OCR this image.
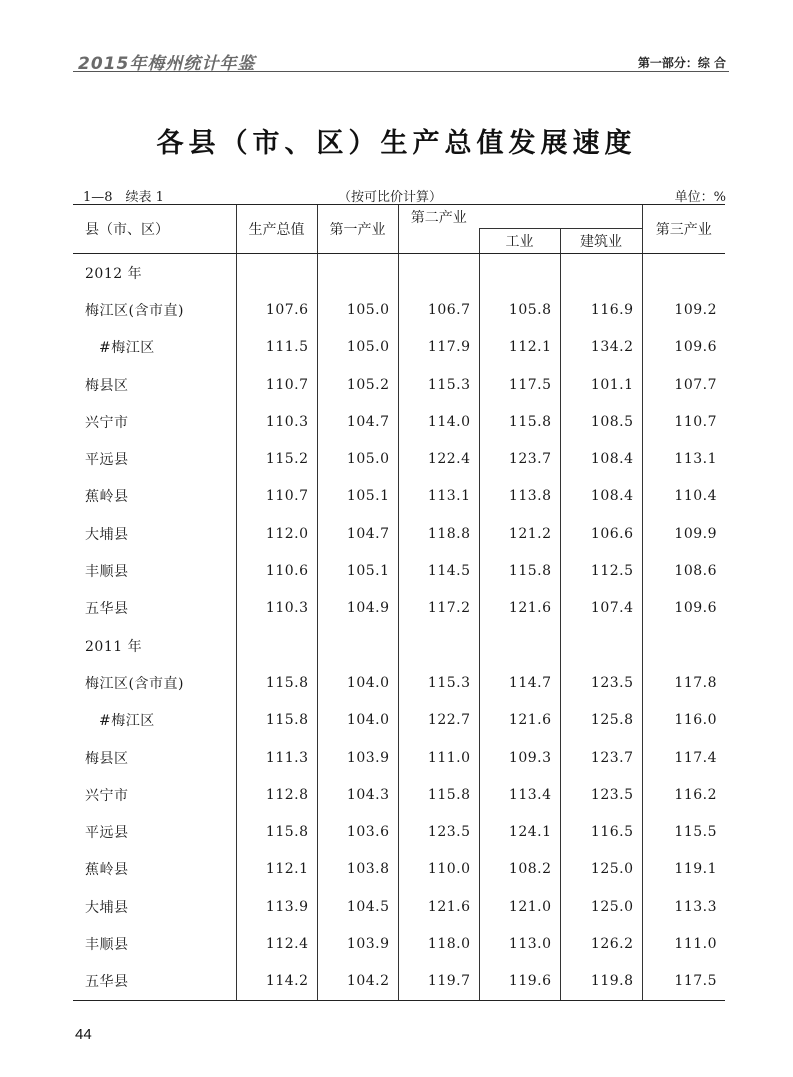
2015年梅州统计年鉴	第一部分：综 合
各县（市、区）生产总值发展速度
1—8　续表 1	（按可比价计算）	单位：%
县（市、区）	生产总值	第一产业	第二产业			第三产业
				工业	建筑业	
2012 年						
梅江区(含市直)	107.6	105.0	106.7	105.8	116.9	109.2
#梅江区	111.5	105.0	117.9	112.1	134.2	109.6
梅县区	110.7	105.2	115.3	117.5	101.1	107.7
兴宁市	110.3	104.7	114.0	115.8	108.5	110.7
平远县	115.2	105.0	122.4	123.7	108.4	113.1
蕉岭县	110.7	105.1	113.1	113.8	108.4	110.4
大埔县	112.0	104.7	118.8	121.2	106.6	109.9
丰顺县	110.6	105.1	114.5	115.8	112.5	108.6
五华县	110.3	104.9	117.2	121.6	107.4	109.6
2011 年						
梅江区(含市直)	115.8	104.0	115.3	114.7	123.5	117.8
#梅江区	115.8	104.0	122.7	121.6	125.8	116.0
梅县区	111.3	103.9	111.0	109.3	123.7	117.4
兴宁市	112.8	104.3	115.8	113.4	123.5	116.2
平远县	115.8	103.6	123.5	124.1	116.5	115.5
蕉岭县	112.1	103.8	110.0	108.2	125.0	119.1
大埔县	113.9	104.5	121.6	121.0	125.0	113.3
丰顺县	112.4	103.9	118.0	113.0	126.2	111.0
五华县	114.2	104.2	119.7	119.6	119.8	117.5
44
